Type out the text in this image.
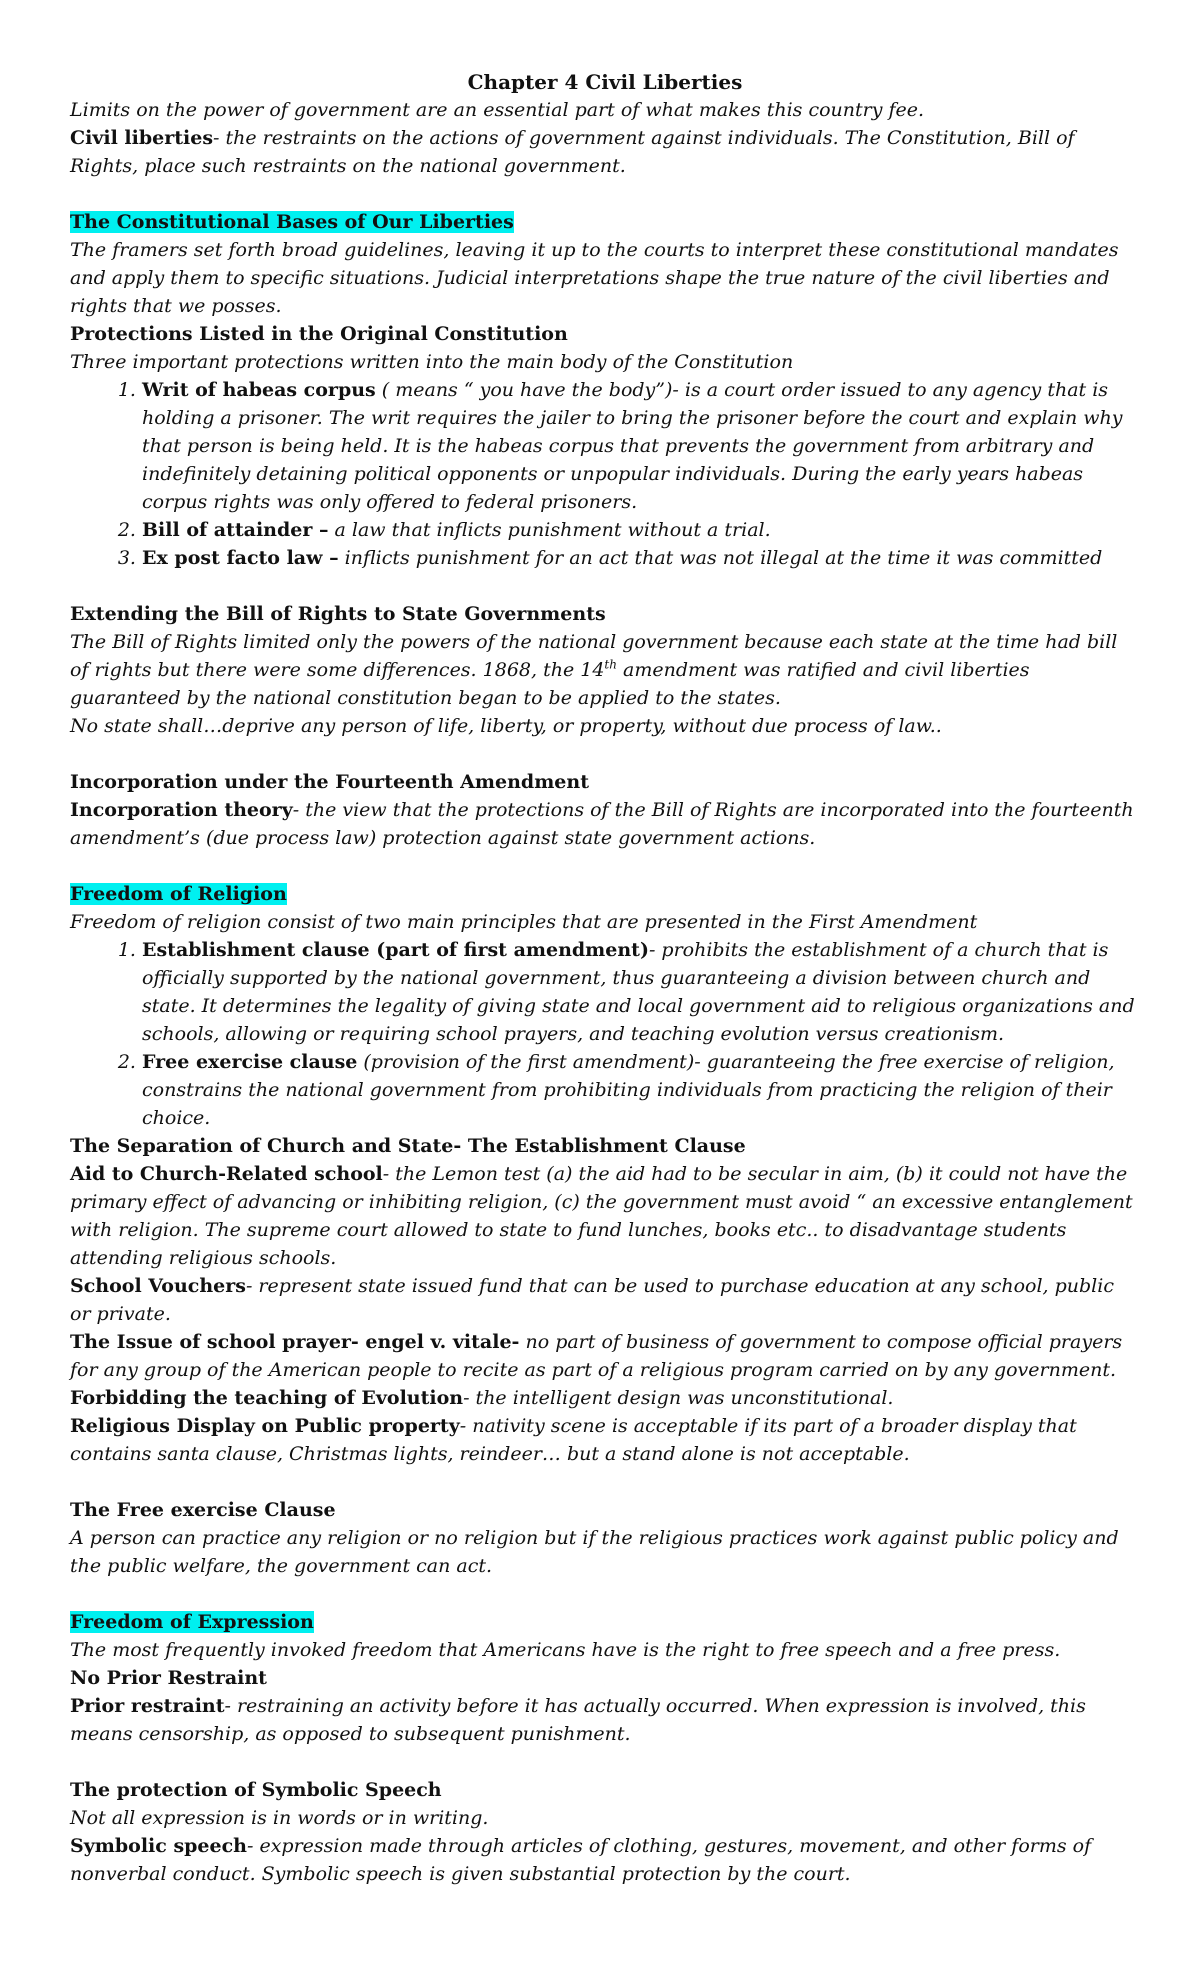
Chapter 4 Civil Liberties

Limits on the power of government are an essential part of what makes this country fee.

Civil liberties- the restraints on the actions of government against individuals. The Constitution, Bill of Rights, place such restraints on the national government.

The Constitutional Bases of Our Liberties

The framers set forth broad guidelines, leaving it up to the courts to interpret these constitutional mandates and apply them to specific situations. Judicial interpretations shape the true nature of the civil liberties and rights that we posses.

Protections Listed in the Original Constitution

Three important protections written into the main body of the Constitution

1. Writ of habeas corpus ( means “ you have the body”)- is a court order issued to any agency that is holding a prisoner. The writ requires the jailer to bring the prisoner before the court and explain why that person is being held. It is the habeas corpus that prevents the government from arbitrary and indefinitely detaining political opponents or unpopular individuals. During the early years habeas corpus rights was only offered to federal prisoners.
2. Bill of attainder – a law that inflicts punishment without a trial.
3. Ex post facto law – inflicts punishment for an act that was not illegal at the time it was committed

Extending the Bill of Rights to State Governments

The Bill of Rights limited only the powers of the national government because each state at the time had bill of rights but there were some differences. 1868, the 14th amendment was ratified and civil liberties guaranteed by the national constitution began to be applied to the states.

No state shall…deprive any person of life, liberty, or property, without due process of law..

Incorporation under the Fourteenth Amendment

Incorporation theory- the view that the protections of the Bill of Rights are incorporated into the fourteenth amendment’s (due process law) protection against state government actions.

Freedom of Religion

Freedom of religion consist of two main principles that are presented in the First Amendment

1. Establishment clause (part of first amendment)- prohibits the establishment of a church that is officially supported by the national government, thus guaranteeing a division between church and state. It determines the legality of giving state and local government aid to religious organizations and schools, allowing or requiring school prayers, and teaching evolution versus creationism.
2. Free exercise clause (provision of the first amendment)- guaranteeing the free exercise of religion, constrains the national government from prohibiting individuals from practicing the religion of their choice.

The Separation of Church and State- The Establishment Clause

Aid to Church-Related school- the Lemon test (a) the aid had to be secular in aim, (b) it could not have the primary effect of advancing or inhibiting religion, (c) the government must avoid “ an excessive entanglement with religion. The supreme court allowed to state to fund lunches, books etc.. to disadvantage students attending religious schools.

School Vouchers- represent state issued fund that can be used to purchase education at any school, public or private.

The Issue of school prayer- engel v. vitale- no part of business of government to compose official prayers for any group of the American people to recite as part of a religious program carried on by any government.

Forbidding the teaching of Evolution- the intelligent design was unconstitutional.

Religious Display on Public property- nativity scene is acceptable if its part of a broader display that contains santa clause, Christmas lights, reindeer… but a stand alone is not acceptable.

The Free exercise Clause

A person can practice any religion or no religion but if the religious practices work against public policy and the public welfare, the government can act.

Freedom of Expression

The most frequently invoked freedom that Americans have is the right to free speech and a free press.

No Prior Restraint

Prior restraint- restraining an activity before it has actually occurred. When expression is involved, this means censorship, as opposed to subsequent punishment.

The protection of Symbolic Speech

Not all expression is in words or in writing.

Symbolic speech- expression made through articles of clothing, gestures, movement, and other forms of nonverbal conduct. Symbolic speech is given substantial protection by the court.
